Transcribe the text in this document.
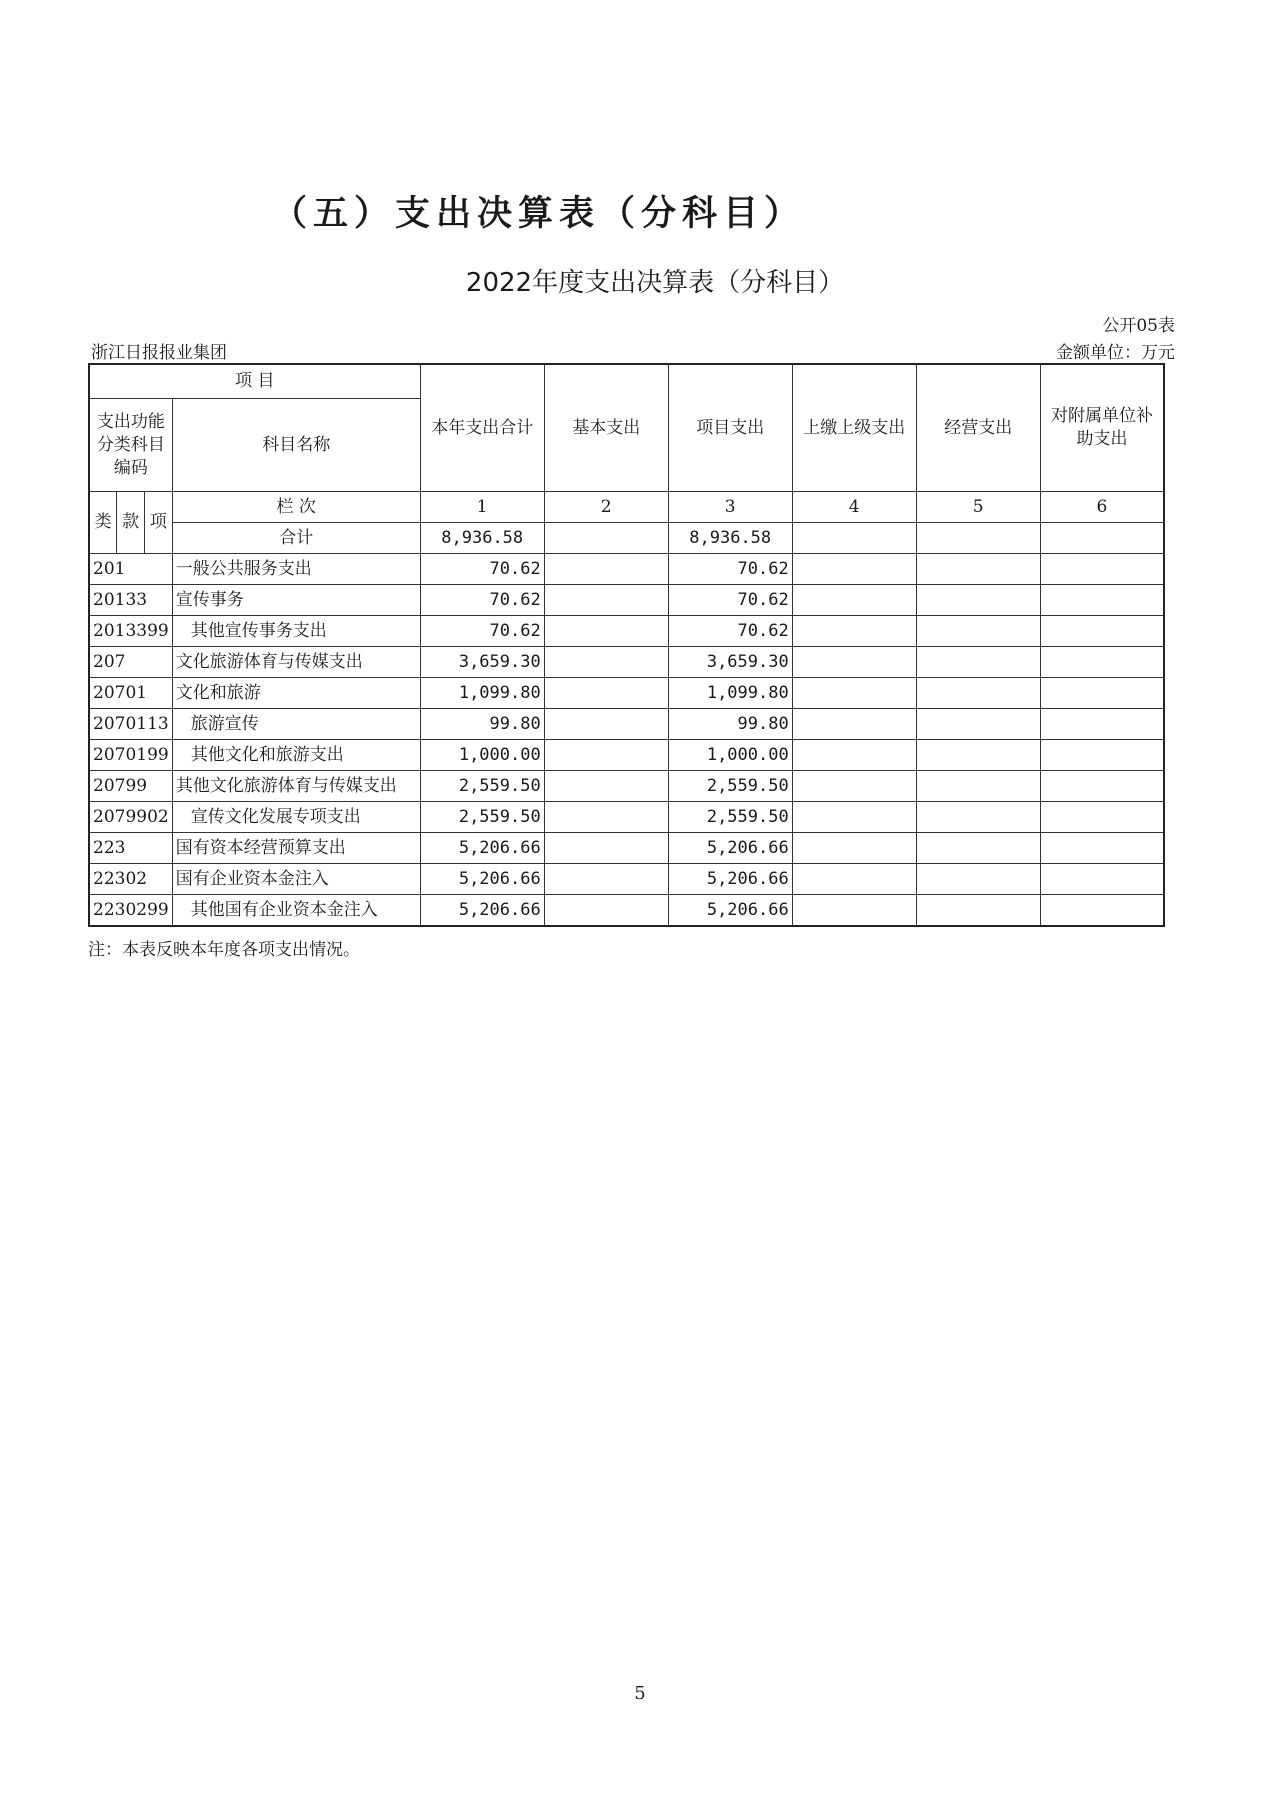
（五）支出决算表（分科目）
2022年度支出决算表（分科目）
公开05表
浙江日报报业集团	金额单位：万元
项 目				本年支出合计	基本支出	项目支出	上缴上级支出	经营支出	对附属单位补助支出
支出功能分类科目编码			科目名称						
类	款	项	栏 次	1	2	3	4	5	6
			合计	8,936.58		8,936.58			
201			一般公共服务支出	70.62		70.62			
20133			宣传事务	70.62		70.62			
2013399			其他宣传事务支出	70.62		70.62			
207			文化旅游体育与传媒支出	3,659.30		3,659.30			
20701			文化和旅游	1,099.80		1,099.80			
2070113			旅游宣传	99.80		99.80			
2070199			其他文化和旅游支出	1,000.00		1,000.00			
20799			其他文化旅游体育与传媒支出	2,559.50		2,559.50			
2079902			宣传文化发展专项支出	2,559.50		2,559.50			
223			国有资本经营预算支出	5,206.66		5,206.66			
22302			国有企业资本金注入	5,206.66		5,206.66			
2230299			其他国有企业资本金注入	5,206.66		5,206.66			
注：本表反映本年度各项支出情况。
5
